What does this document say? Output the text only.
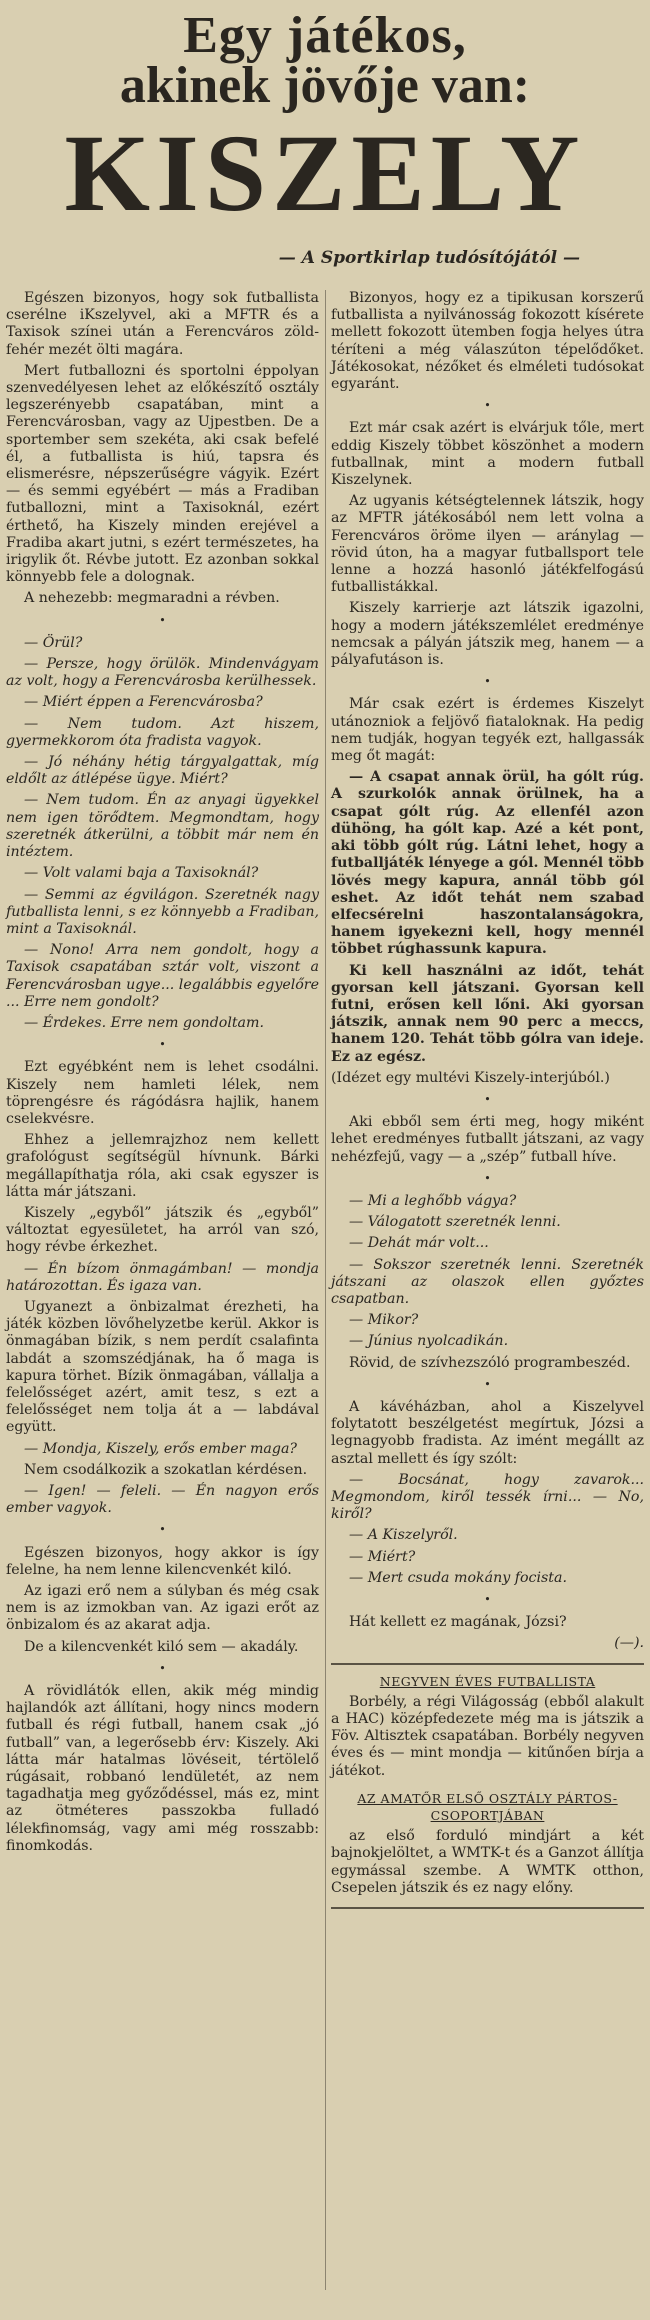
Egy játékos,
akinek jövője van:
KISZELY
— A Sportkirlap tudósítójától —

Egészen bizonyos, hogy sok futballista cserélne iKszelyvel, aki a MFTR és a Taxisok színei után a Ferencváros zöld-fehér mezét ölti magára.

Mert futballozni és sportolni éppolyan szenvedélyesen lehet az előkészítő osztály legszerényebb csapatában, mint a Ferencvárosban, vagy az Ujpestben. De a sportember sem szekéta, aki csak befelé él, a futballista is hiú, tapsra és elismerésre, népszerűségre vágyik. Ezért — és semmi egyébért — más a Fradiban futballozni, mint a Taxisoknál, ezért érthető, ha Kiszely minden erejével a Fradiba akart jutni, s ezért természetes, ha irigylik őt. Révbe jutott. Ez azonban sokkal könnyebb fele a dolognak.

A nehezebb: megmaradni a révben.

•

— Örül?

— Persze, hogy örülök. Mindenvágyam az volt, hogy a Ferencvárosba kerülhessek.

— Miért éppen a Ferencvárosba?

— Nem tudom. Azt hiszem, gyermekkorom óta fradista vagyok.

— Jó néhány hétig tárgyalgattak, míg eldőlt az átlépése ügye. Miért?

— Nem tudom. Én az anyagi ügyekkel nem igen törődtem. Megmondtam, hogy szeretnék átkerülni, a többit már nem én intéztem.

— Volt valami baja a Taxisoknál?

— Semmi az égvilágon. Szeretnék nagy futballista lenni, s ez könnyebb a Fradiban, mint a Taxisoknál.

— Nono! Arra nem gondolt, hogy a Taxisok csapatában sztár volt, viszont a Ferencvárosban ugye... legalábbis egyelőre ... Erre nem gondolt?

— Érdekes. Erre nem gondoltam.

•

Ezt egyébként nem is lehet csodálni. Kiszely nem hamleti lélek, nem töprengésre és rágódásra hajlik, hanem cselekvésre.

Ehhez a jellemrajzhoz nem kellett grafológust segítségül hívnunk. Bárki megállapíthatja róla, aki csak egyszer is látta már játszani.

Kiszely „egyből” játszik és „egyből” változtat egyesületet, ha arról van szó, hogy révbe érkezhet.

— Én bízom önmagámban! — mondja határozottan. És igaza van.

Ugyanezt a önbizalmat érezheti, ha játék közben lövőhelyzetbe kerül. Akkor is önmagában bízik, s nem perdít csalafinta labdát a szomszédjának, ha ő maga is kapura törhet. Bízik önmagában, vállalja a felelősséget azért, amit tesz, s ezt a felelősséget nem tolja át a — labdával együtt.

— Mondja, Kiszely, erős ember maga?

Nem csodálkozik a szokatlan kérdésen.

— Igen! — feleli. — Én nagyon erős ember vagyok.

•

Egészen bizonyos, hogy akkor is így felelne, ha nem lenne kilencvenkét kiló.

Az igazi erő nem a súlyban és még csak nem is az izmokban van. Az igazi erőt az önbizalom és az akarat adja.

De a kilencvenkét kiló sem — akadály.

•

A rövidlátók ellen, akik még mindig hajlandók azt állítani, hogy nincs modern futball és régi futball, hanem csak „jó futball” van, a legerősebb érv: Kiszely. Aki látta már hatalmas lövéseit, tértölelő rúgásait, robbanó lendületét, az nem tagadhatja meg győződéssel, más ez, mint az ötméteres passzokba fulladó lélekfinomság, vagy ami még rosszabb: finomkodás.

Bizonyos, hogy ez a tipikusan korszerű futballista a nyilvánosság fokozott kísérete mellett fokozott ütemben fogja helyes útra téríteni a még válaszúton tépelődőket. Játékosokat, nézőket és elméleti tudósokat egyaránt.

•

Ezt már csak azért is elvárjuk tőle, mert eddig Kiszely többet köszönhet a modern futballnak, mint a modern futball Kiszelynek.

Az ugyanis kétségtelennek látszik, hogy az MFTR játékosából nem lett volna a Ferencváros öröme ilyen — aránylag — rövid úton, ha a magyar futballsport tele lenne a hozzá hasonló játékfelfogású futballistákkal.

Kiszely karrierje azt látszik igazolni, hogy a modern játékszemlélet eredménye nemcsak a pályán játszik meg, hanem — a pályafutáson is.

•

Már csak ezért is érdemes Kiszelyt utánozniok a feljövő fiataloknak. Ha pedig nem tudják, hogyan tegyék ezt, hallgassák meg őt magát:

— A csapat annak örül, ha gólt rúg. A szurkolók annak örülnek, ha a csapat gólt rúg. Az ellenfél azon dühöng, ha gólt kap. Azé a két pont, aki több gólt rúg. Látni lehet, hogy a futballjáték lényege a gól. Mennél több lövés megy kapura, annál több gól eshet. Az időt tehát nem szabad elfecsérelni haszontalanságokra, hanem igyekezni kell, hogy mennél többet rúghassunk kapura.

Ki kell használni az időt, tehát gyorsan kell játszani. Gyorsan kell futni, erősen kell lőni. Aki gyorsan játszik, annak nem 90 perc a meccs, hanem 120. Tehát több gólra van ideje. Ez az egész.

(Idézet egy multévi Kiszely-interjúból.)

•

Aki ebből sem érti meg, hogy miként lehet eredményes futballt játszani, az vagy nehézfejű, vagy — a „szép” futball híve.

•

— Mi a leghőbb vágya?

— Válogatott szeretnék lenni.

— Dehát már volt...

— Sokszor szeretnék lenni. Szeretnék játszani az olaszok ellen győztes csapatban.

— Mikor?

— Június nyolcadikán.

Rövid, de szívhezszóló programbeszéd.

•

A kávéházban, ahol a Kiszelyvel folytatott beszélgetést megírtuk, Józsi a legnagyobb fradista. Az imént megállt az asztal mellett és így szólt:

— Bocsánat, hogy zavarok... Megmondom, kiről tessék írni... — No, kiről?

— A Kiszelyről.

— Miért?

— Mert csuda mokány focista.

•

Hát kellett ez magának, Józsi?

(—).

NEGYVEN ÉVES FUTBALLISTA

Borbély, a régi Világosság (ebből alakult a HAC) középfedezete még ma is játszik a Föv. Altisztek csapatában. Borbély negyven éves és — mint mondja — kitűnően bírja a játékot.

AZ AMATŐR ELSŐ OSZTÁLY PÁRTOS-CSOPORTJÁBAN

az első forduló mindjárt a két bajnokjelöltet, a WMTK-t és a Ganzot állítja egymással szembe. A WMTK otthon, Csepelen játszik és ez nagy előny.
